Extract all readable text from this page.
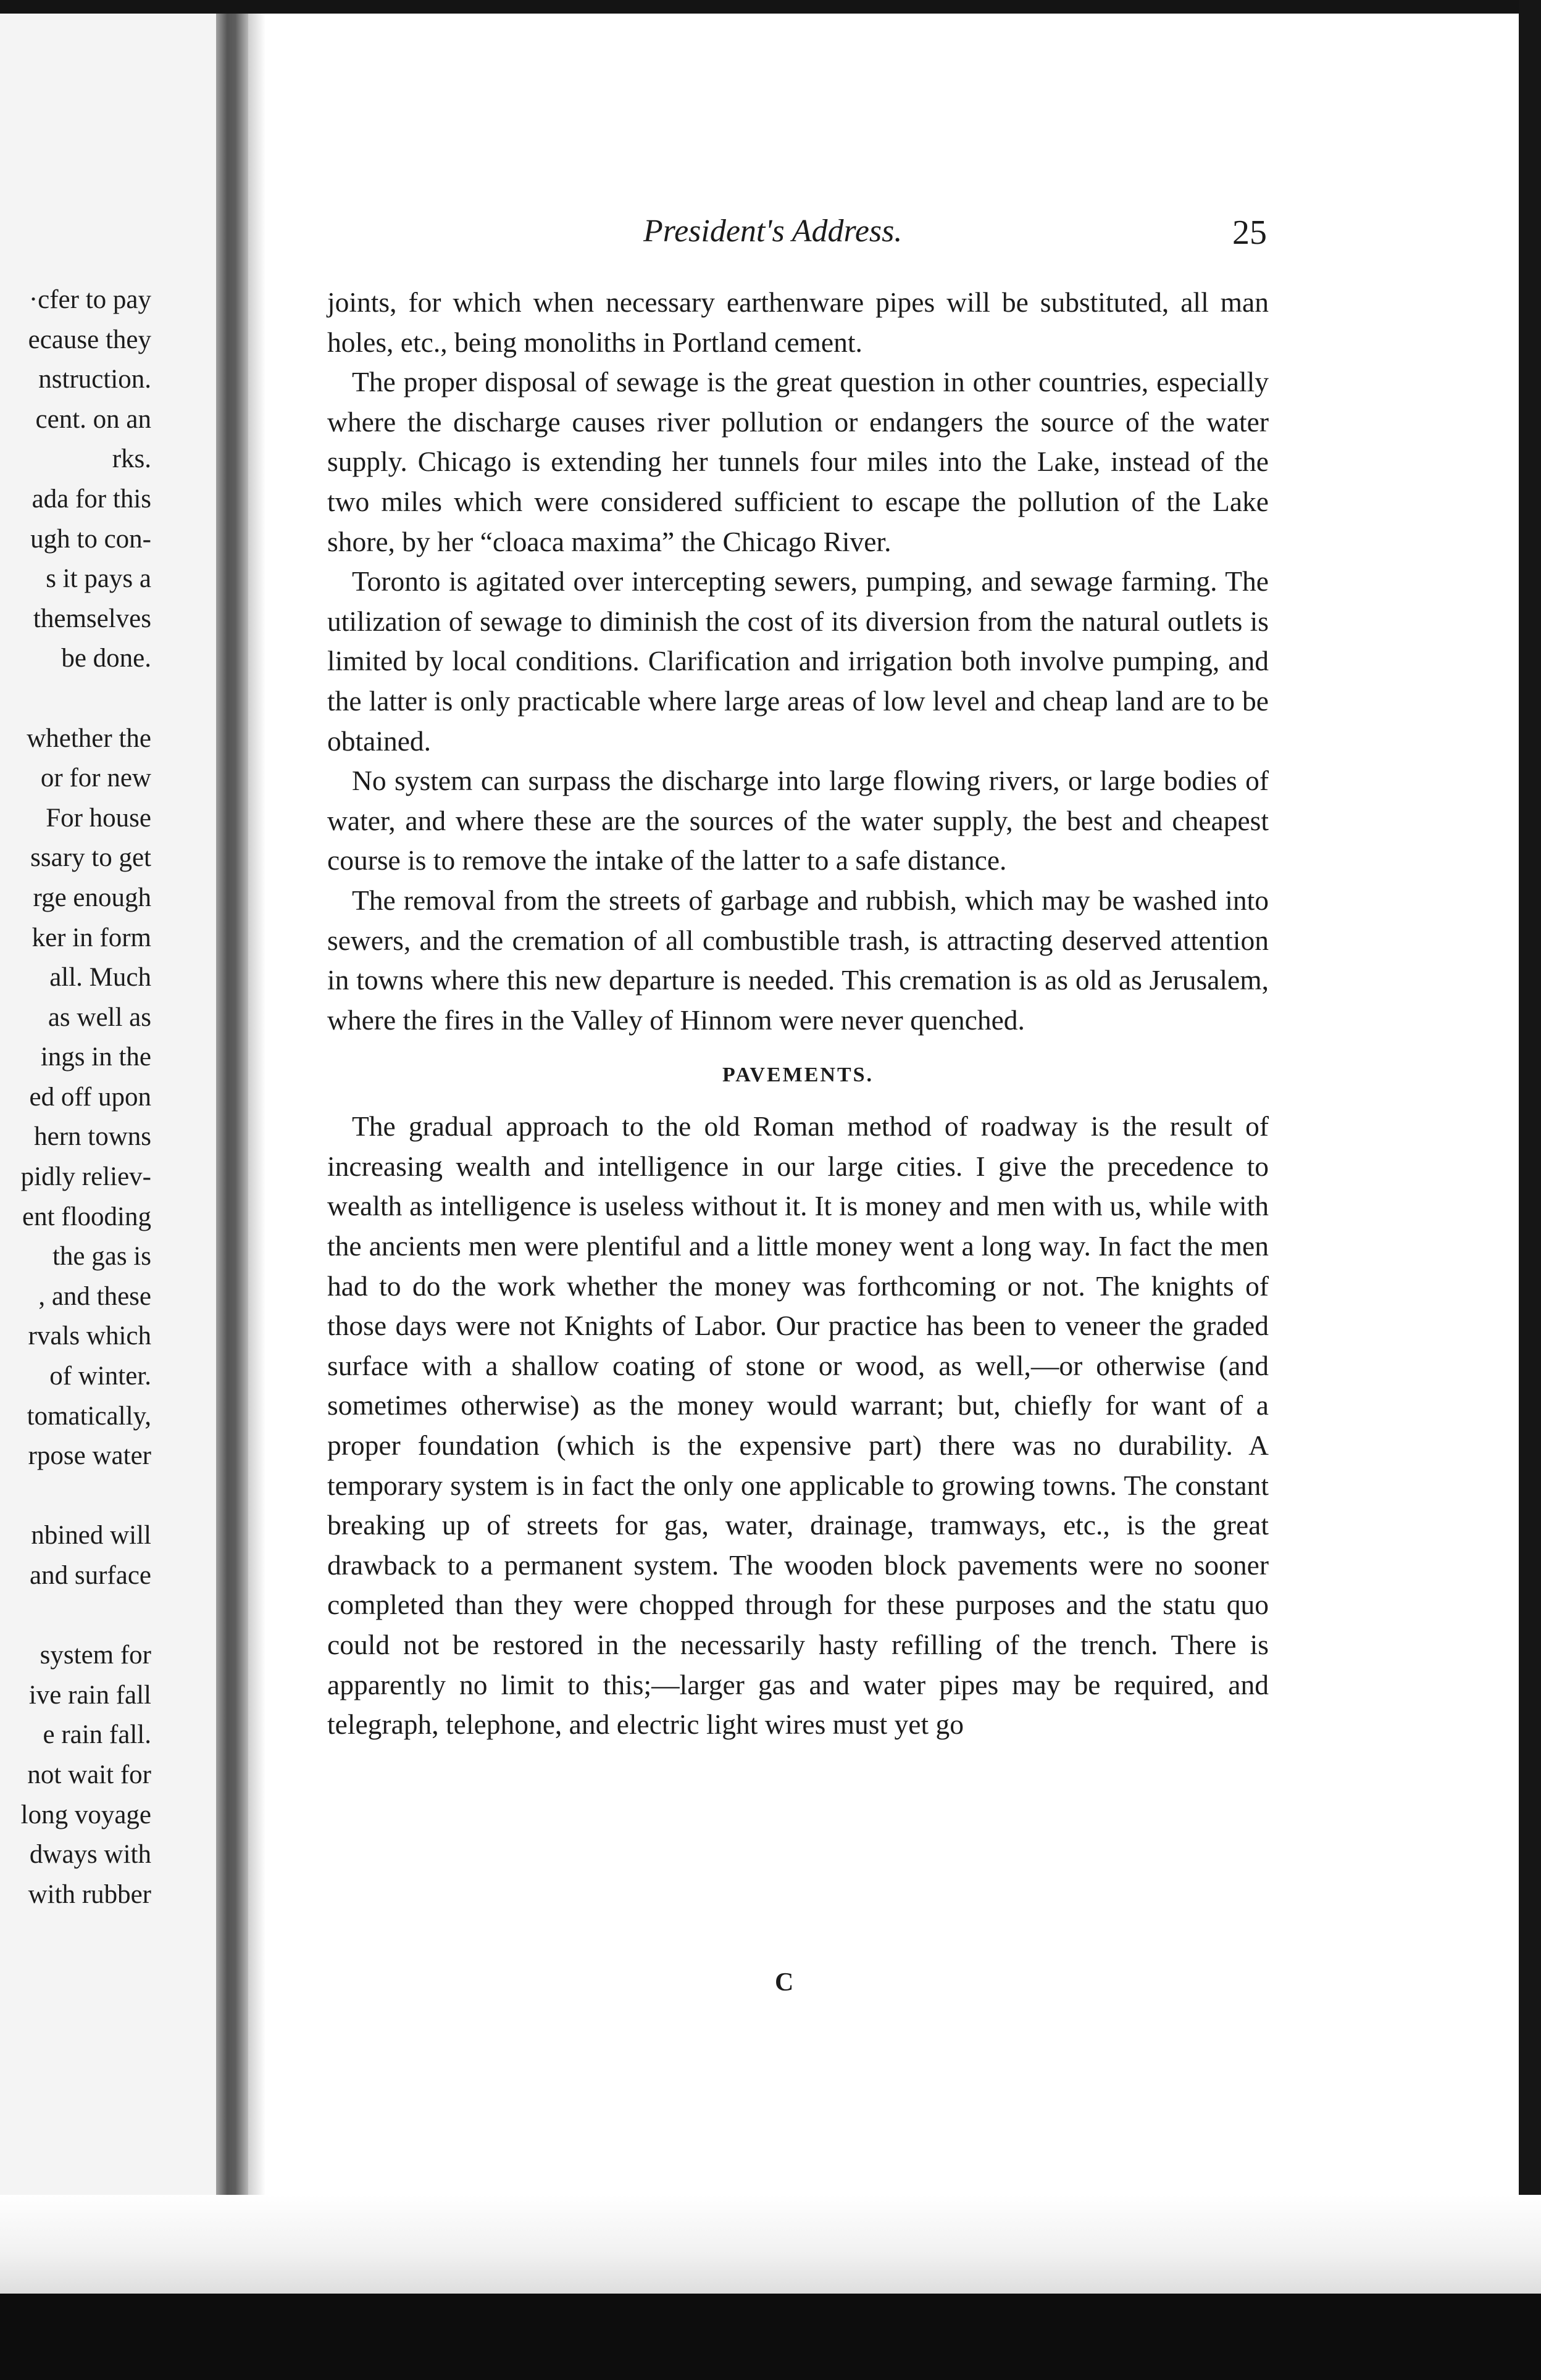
·cfer to pay
ecause they
nstruction.
cent. on an
rks.
ada for this
ugh to con-
s it pays a
themselves
be done.
whether the
or for new
For house
ssary to get
rge enough
ker in form
all. Much
as well as
ings in the
ed off upon
hern towns
pidly reliev-
ent flooding
the gas is
, and these
rvals which
of winter.
tomatically,
rpose water
nbined will
and surface
system for
ive rain fall
e rain fall.
not wait for
long voyage
dways with
with rubber
President's Address.	25

joints, for which when necessary earthenware pipes will be substituted, all man holes, etc., being monoliths in Portland cement.

The proper disposal of sewage is the great question in other countries, especially where the discharge causes river pollution or endangers the source of the water supply. Chicago is extending her tunnels four miles into the Lake, instead of the two miles which were considered sufficient to escape the pollution of the Lake shore, by her “cloaca maxima” the Chicago River.

Toronto is agitated over intercepting sewers, pumping, and sewage farming. The utilization of sewage to diminish the cost of its diversion from the natural outlets is limited by local conditions. Clarification and irrigation both involve pumping, and the latter is only practicable where large areas of low level and cheap land are to be obtained.

No system can surpass the discharge into large flowing rivers, or large bodies of water, and where these are the sources of the water supply, the best and cheapest course is to remove the intake of the latter to a safe distance.

The removal from the streets of garbage and rubbish, which may be washed into sewers, and the cremation of all combustible trash, is attracting deserved attention in towns where this new departure is needed. This cremation is as old as Jerusalem, where the fires in the Valley of Hinnom were never quenched.

PAVEMENTS.

The gradual approach to the old Roman method of roadway is the result of increasing wealth and intelligence in our large cities. I give the precedence to wealth as intelligence is useless without it. It is money and men with us, while with the ancients men were plentiful and a little money went a long way. In fact the men had to do the work whether the money was forthcoming or not. The knights of those days were not Knights of Labor. Our practice has been to veneer the graded surface with a shallow coating of stone or wood, as well,—or otherwise (and sometimes otherwise) as the money would warrant; but, chiefly for want of a proper foundation (which is the expensive part) there was no durability. A temporary system is in fact the only one applicable to growing towns. The constant breaking up of streets for gas, water, drainage, tramways, etc., is the great drawback to a permanent system. The wooden block pavements were no sooner completed than they were chopped through for these purposes and the statu quo could not be restored in the necessarily hasty refilling of the trench. There is apparently no limit to this;—larger gas and water pipes may be required, and telegraph, telephone, and electric light wires must yet go

C
